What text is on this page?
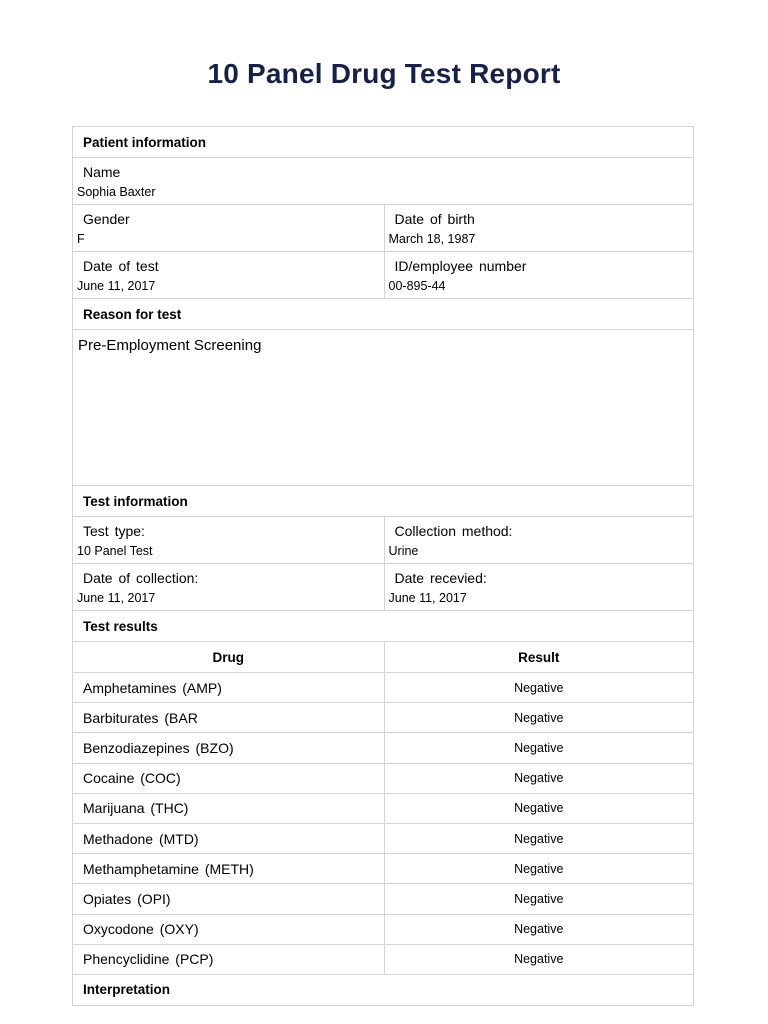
10 Panel Drug Test Report
Patient information
Name
Sophia Baxter
Gender
F
Date of birth
March 18, 1987
Date of test
June 11, 2017
ID/employee number
00-895-44
Reason for test
Pre-Employment Screening
Test information
Test type:
10 Panel Test
Collection method:
Urine
Date of collection:
June 11, 2017
Date recevied:
June 11, 2017
Test results
Drug	Result
Amphetamines (AMP)	Negative
Barbiturates (BAR	Negative
Benzodiazepines (BZO)	Negative
Cocaine (COC)	Negative
Marijuana (THC)	Negative
Methadone (MTD)	Negative
Methamphetamine (METH)	Negative
Opiates (OPI)	Negative
Oxycodone (OXY)	Negative
Phencyclidine (PCP)	Negative
Interpretation
